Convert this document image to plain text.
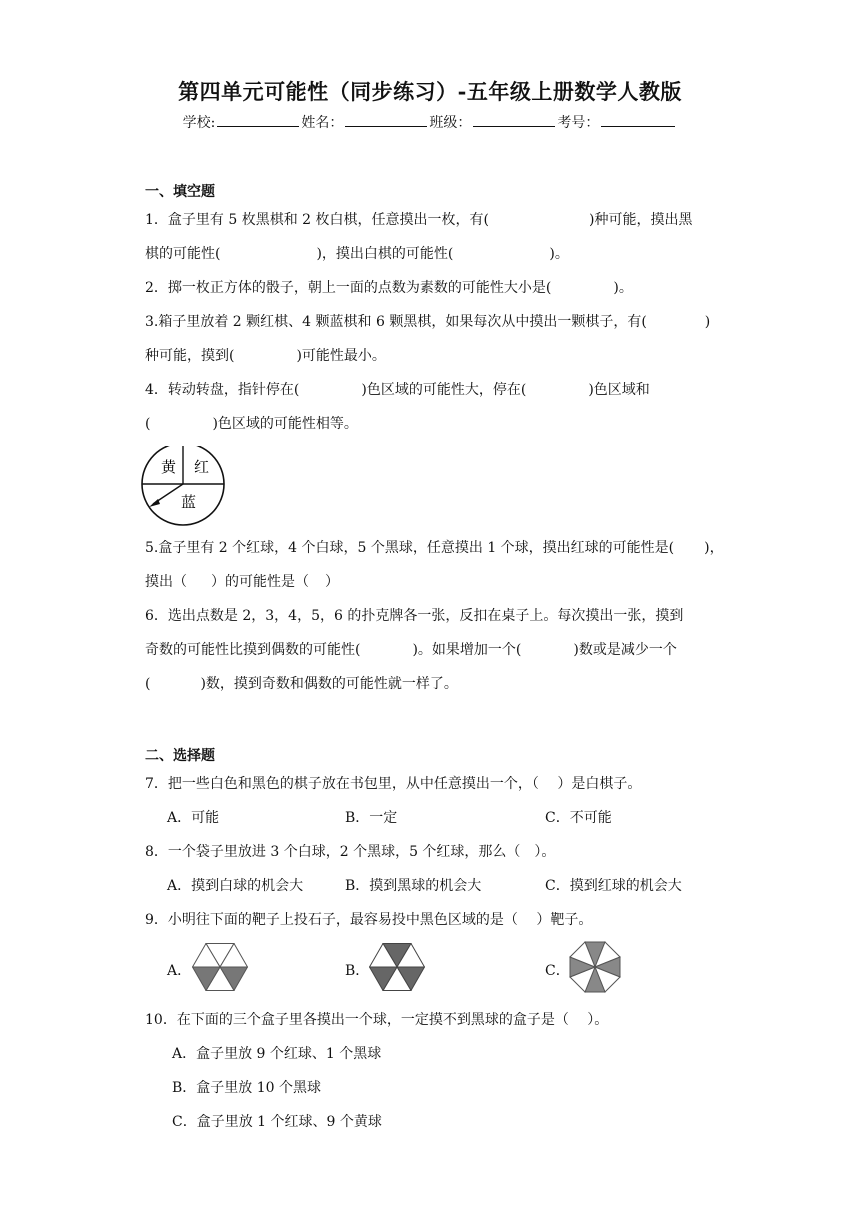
第四单元可能性（同步练习）-五年级上册数学人教版
学校:	姓名：	班级：	考号：
一、填空题
1．盒子里有 5 枚黑棋和 2 枚白棋，任意摸出一枚，有(	)种可能，摸出黑
棋的可能性(	)，摸出白棋的可能性(	)。
2．掷一枚正方体的骰子，朝上一面的点数为素数的可能性大小是(	)。
3.箱子里放着 2 颗红棋、4 颗蓝棋和 6 颗黑棋，如果每次从中摸出一颗棋子，有(	)
种可能，摸到(	)可能性最小。
4．转动转盘，指针停在(	)色区域的可能性大，停在(	)色区域和
(	)色区域的可能性相等。
黄 红
蓝
5.盒子里有 2 个红球，4 个白球，5 个黑球，任意摸出 1 个球，摸出红球的可能性是( )，
摸出（ ）的可能性是（ ）
6．选出点数是 2，3，4，5，6 的扑克牌各一张，反扣在桌子上。每次摸出一张，摸到
奇数的可能性比摸到偶数的可能性(	)。如果增加一个(	)数或是减少一个
(	)数，摸到奇数和偶数的可能性就一样了。
二、选择题
7．把一些白色和黑色的棋子放在书包里，从中任意摸出一个，（　 ）是白棋子。
A．可能	B．一定	C．不可能
8．一个袋子里放进 3 个白球，2 个黑球，5 个红球，那么（　）。
A．摸到白球的机会大	B．摸到黑球的机会大	C．摸到红球的机会大
9．小明往下面的靶子上投石子，最容易投中黑色区域的是（　 ）靶子。
A．	B．	C．
10．在下面的三个盒子里各摸出一个球，一定摸不到黑球的盒子是（　 ）。
A．盒子里放 9 个红球、1 个黑球
B．盒子里放 10 个黑球
C．盒子里放 1 个红球、9 个黄球
